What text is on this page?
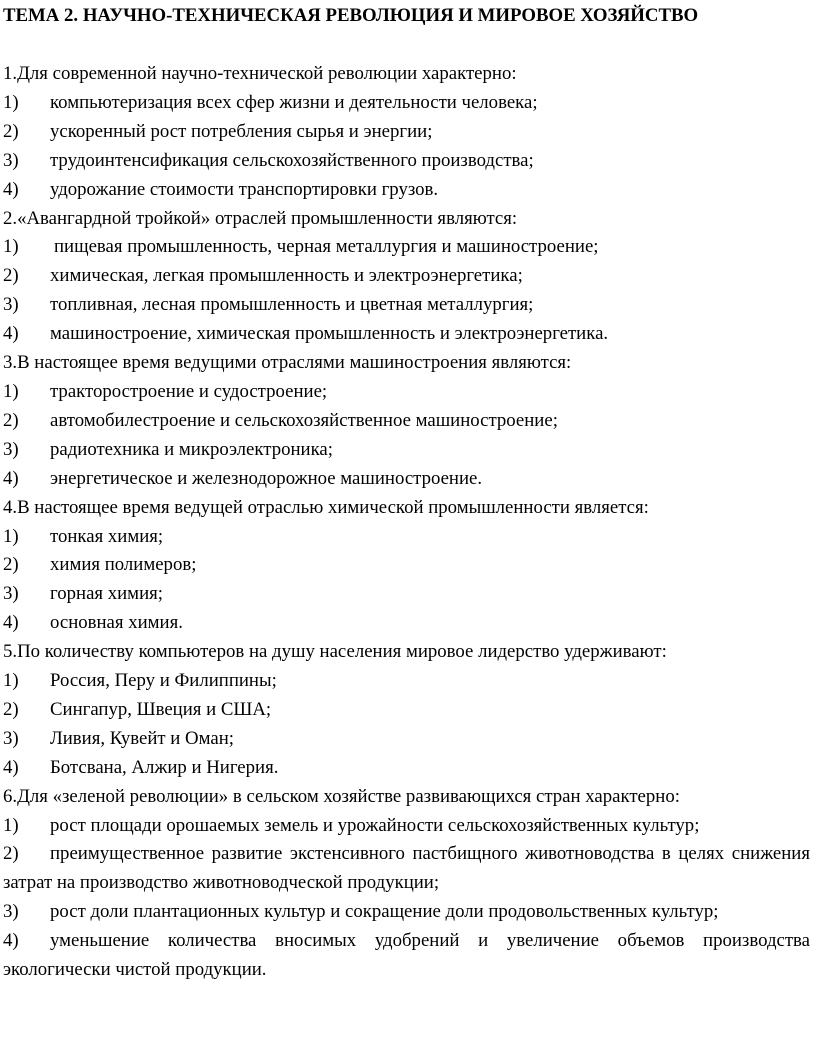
ТЕМА 2. НАУЧНО-ТЕХНИЧЕСКАЯ РЕВОЛЮЦИЯ И МИРОВОЕ ХОЗЯЙСТВО
1.Для современной научно-технической революции характерно:
1)	компьютеризация всех сфер жизни и деятельности человека;
2)	ускоренный рост потребления сырья и энергии;
3)	трудоинтенсификация сельскохозяйственного производства;
4)	удорожание стоимости транспортировки грузов.
2.«Авангардной тройкой» отраслей промышленности являются:
1)	пищевая промышленность, черная металлургия и машиностроение;
2)	химическая, легкая промышленность и электроэнергетика;
3)	топливная, лесная промышленность и цветная металлургия;
4)	машиностроение, химическая промышленность и электроэнергетика.
3.В настоящее время ведущими отраслями машиностроения являются:
1)	тракторостроение и судостроение;
2)	автомобилестроение и сельскохозяйственное машиностроение;
3)	радиотехника и микроэлектроника;
4)	энергетическое и железнодорожное машиностроение.
4.В настоящее время ведущей отраслью химической промышленности является:
1)	тонкая химия;
2)	химия полимеров;
3)	горная химия;
4)	основная химия.
5.По количеству компьютеров на душу населения мировое лидерство удерживают:
1)	Россия, Перу и Филиппины;
2)	Сингапур, Швеция и США;
3)	Ливия, Кувейт и Оман;
4)	Ботсвана, Алжир и Нигерия.
6.Для «зеленой революции» в сельском хозяйстве развивающихся стран характерно:
1)	рост площади орошаемых земель и урожайности сельскохозяйственных культур;
2) преимущественное развитие экстенсивного пастбищного животноводства в целях снижения затрат на производство животноводческой продукции;
3) рост доли плантационных культур и сокращение доли продовольственных культур;
4) уменьшение количества вносимых удобрений и увеличение объемов производства экологически чистой продукции.
